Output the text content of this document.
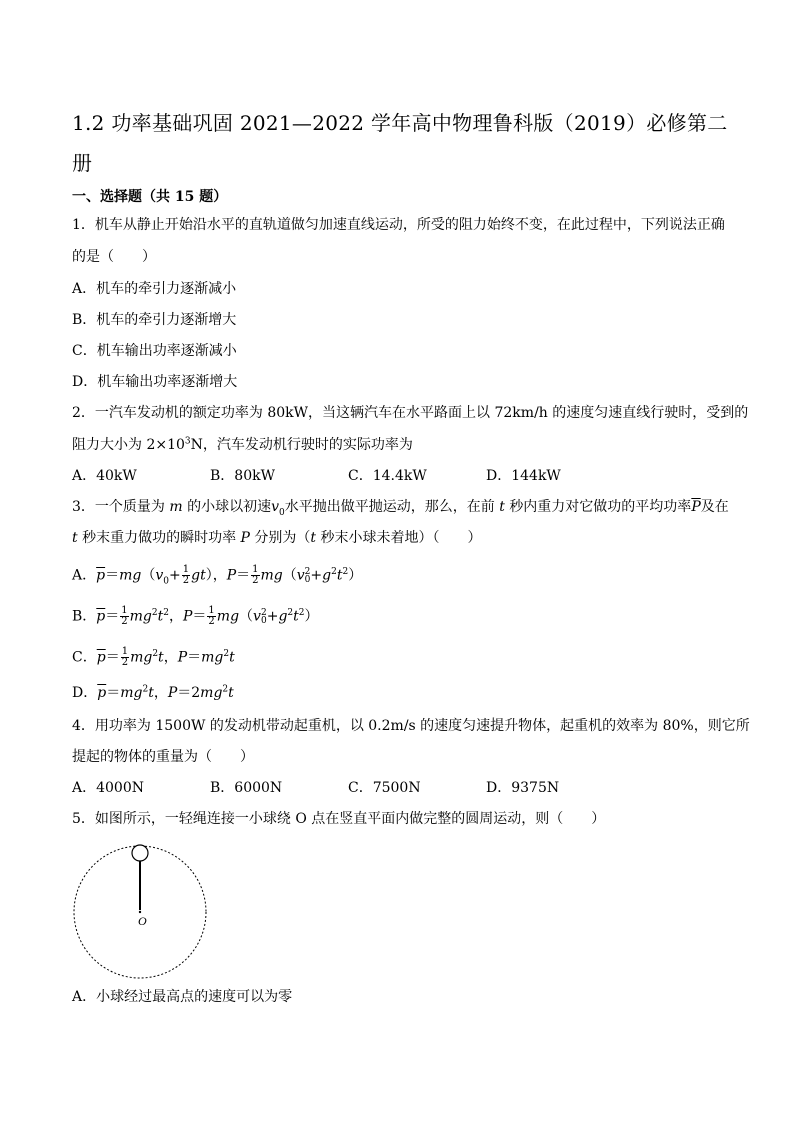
1.2 功率基础巩固 2021—2022 学年高中物理鲁科版（2019）必修第二册
一、选择题（共 15 题）
1．机车从静止开始沿水平的直轨道做匀加速直线运动，所受的阻力始终不变，在此过程中，下列说法正确
的是（　　）
A．机车的牵引力逐渐减小
B．机车的牵引力逐渐增大
C．机车输出功率逐渐减小
D．机车输出功率逐渐增大
2．一汽车发动机的额定功率为 80kW，当这辆汽车在水平路面上以 72km/h 的速度匀速直线行驶时，受到的
阻力大小为 $2\times 10^3N$，汽车发动机行驶时的实际功率为
A．40kW	B．80kW	C．14.4kW	D．144kW
3．一个质量为 m 的小球以初速$v_0$水平抛出做平抛运动，那么，在前 t 秒内重力对它做功的平均功率$\overline{P}$及在
t 秒末重力做功的瞬时功率 P 分别为（t 秒末小球未着地）（　　）
A．$\overline{p}=mg(v_0+ \frac{1}{2} gt)$，$P= \frac{1}{2} mg(v$ 2
$0 +g^2t^2$）
B．$\overline{p}= \frac{1}{2} mg^2t^2$，$P= \frac{1}{2} mg(v$ 2
$0 +g^2t^2$）
C．$\overline{p}= \frac{1}{2} mg^2t$，$P=mg^2t$
D．$\overline{p}=mg^2t$，$P=2mg^2t$
4．用功率为 1500W 的发动机带动起重机，以 0.2m/s 的速度匀速提升物体，起重机的效率为 80%，则它所
提起的物体的重量为（　　）
A．4000N	B．6000N	C．7500N	D．9375N
5．如图所示，一轻绳连接一小球绕 O 点在竖直平面内做完整的圆周运动，则（　　）
O
A．小球经过最高点的速度可以为零
